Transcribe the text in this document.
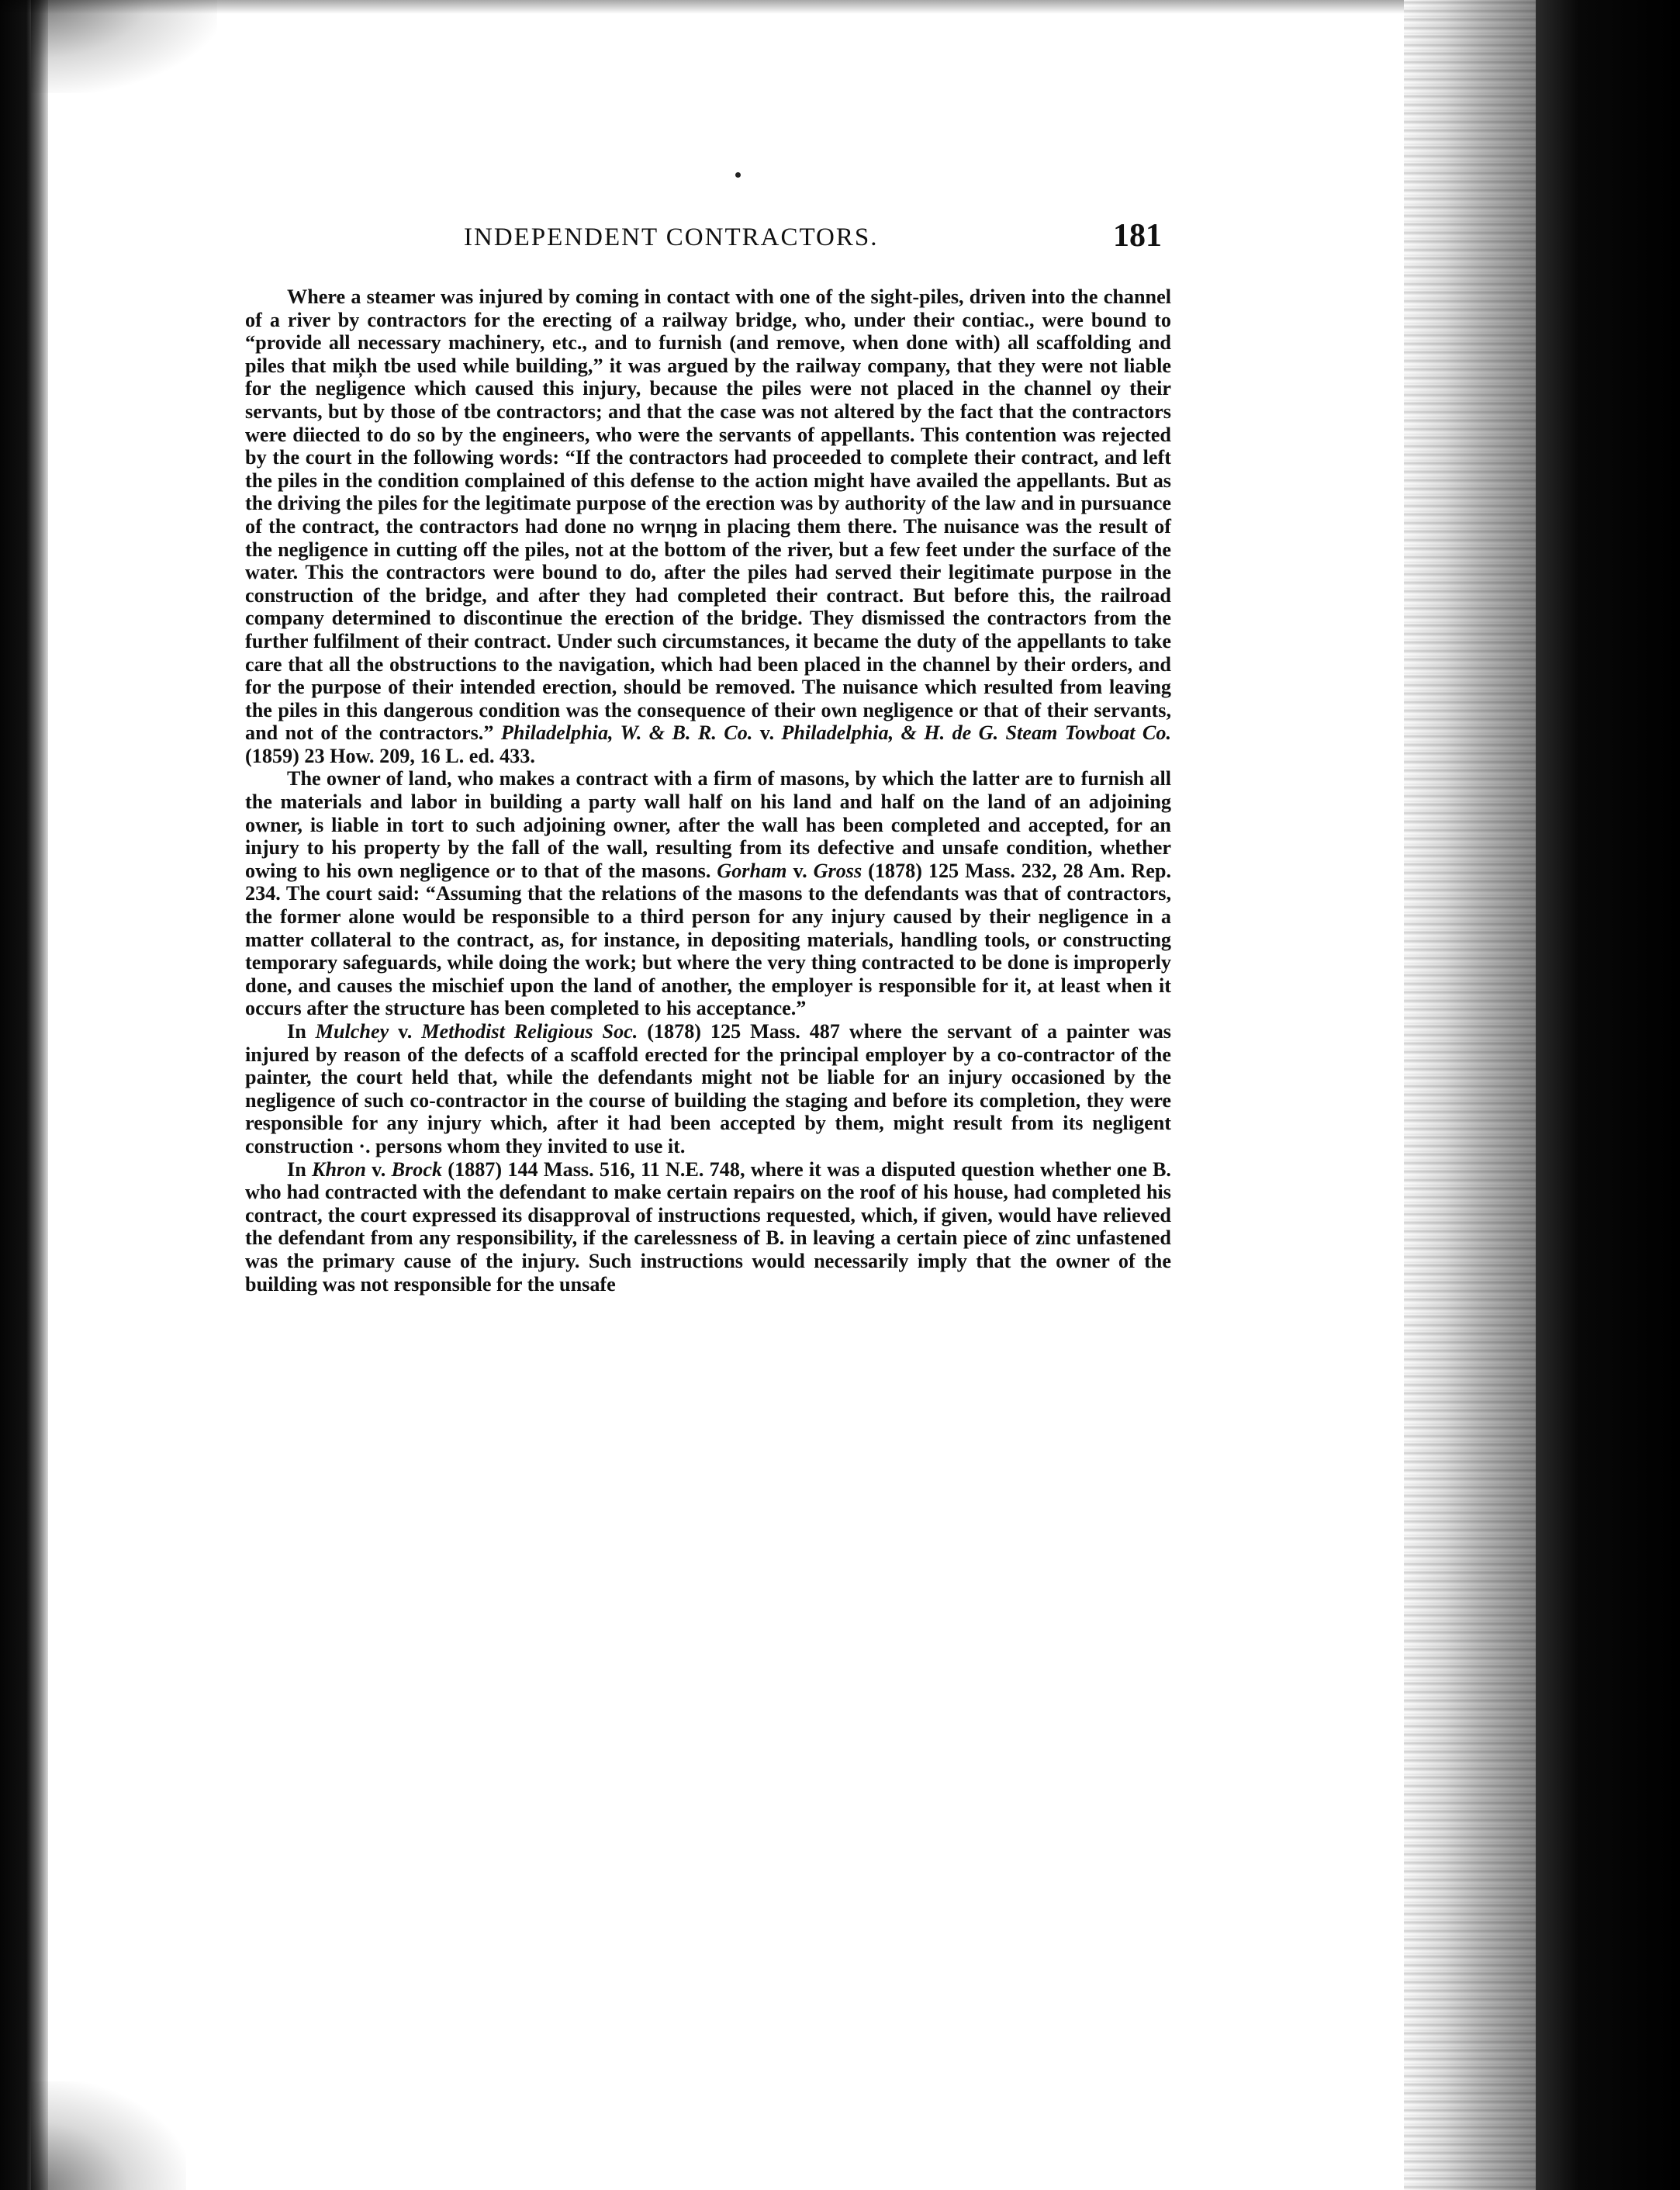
INDEPENDENT CONTRACTORS.	181

Where a steamer was injured by coming in contact with one of the sight-piles, driven into the channel of a river by contractors for the erecting of a railway bridge, who, under their contiac., were bound to “provide all necessary machinery, etc., and to furnish (and remove, when done with) all scaffolding and piles that miķh tbe used while building,” it was argued by the railway company, that they were not liable for the negligence which caused this injury, because the piles were not placed in the channel oy their servants, but by those of tbe contractors; and that the case was not altered by the fact that the contractors were diiected to do so by the engineers, who were the servants of appellants. This contention was rejected by the court in the following words: “If the contractors had proceeded to complete their contract, and left the piles in the condition complained of this defense to the action might have availed the appellants. But as the driving the piles for the legitimate purpose of the erection was by authority of the law and in pursuance of the contract, the contractors had done no wrηng in placing them there. The nuisance was the result of the negligence in cutting off the piles, not at the bottom of the river, but a few feet under the surface of the water. This the contractors were bound to do, after the piles had served their legitimate purpose in the construction of the bridge, and after they had completed their contract. But before this, the railroad company determined to discontinue the erection of the bridge. They dismissed the contractors from the further fulfilment of their contract. Under such circumstances, it became the duty of the appellants to take care that all the obstructions to the navigation, which had been placed in the channel by their orders, and for the purpose of their intended erection, should be removed. The nuisance which resulted from leaving the piles in this dangerous condition was the consequence of their own negligence or that of their servants, and not of the contractors.” Philadelphia, W. & B. R. Co. v. Philadelphia, & H. de G. Steam Towboat Co. (1859) 23 How. 209, 16 L. ed. 433.

The owner of land, who makes a contract with a firm of masons, by which the latter are to furnish all the materials and labor in building a party wall half on his land and half on the land of an adjoining owner, is liable in tort to such adjoining owner, after the wall has been completed and accepted, for an injury to his property by the fall of the wall, resulting from its defective and unsafe condition, whether owing to his own negligence or to that of the masons. Gorham v. Gross (1878) 125 Mass. 232, 28 Am. Rep. 234. The court said: “Assuming that the relations of the masons to the defendants was that of contractors, the former alone would be responsible to a third person for any injury caused by their negligence in a matter collateral to the contract, as, for instance, in depositing materials, handling tools, or constructing temporary safeguards, while doing the work; but where the very thing contracted to be done is improperly done, and causes the mischief upon the land of another, the employer is responsible for it, at least when it occurs after the structure has been completed to his acceptance.”

In Mulchey v. Methodist Religious Soc. (1878) 125 Mass. 487 where the servant of a painter was injured by reason of the defects of a scaffold erected for the principal employer by a co-contractor of the painter, the court held that, while the defendants might not be liable for an injury occasioned by the negligence of such co-contractor in the course of building the staging and before its completion, they were responsible for any injury which, after it had been accepted by them, might result from its negligent construction ·. persons whom they invited to use it.

In Khron v. Brock (1887) 144 Mass. 516, 11 N.E. 748, where it was a disputed question whether one B. who had contracted with the defendant to make certain repairs on the roof of his house, had completed his contract, the court expressed its disapproval of instructions requested, which, if given, would have relieved the defendant from any responsibility, if the carelessness of B. in leaving a certain piece of zinc unfastened was the primary cause of the injury. Such instructions would necessarily imply that the owner of the building was not responsible for the unsafe
